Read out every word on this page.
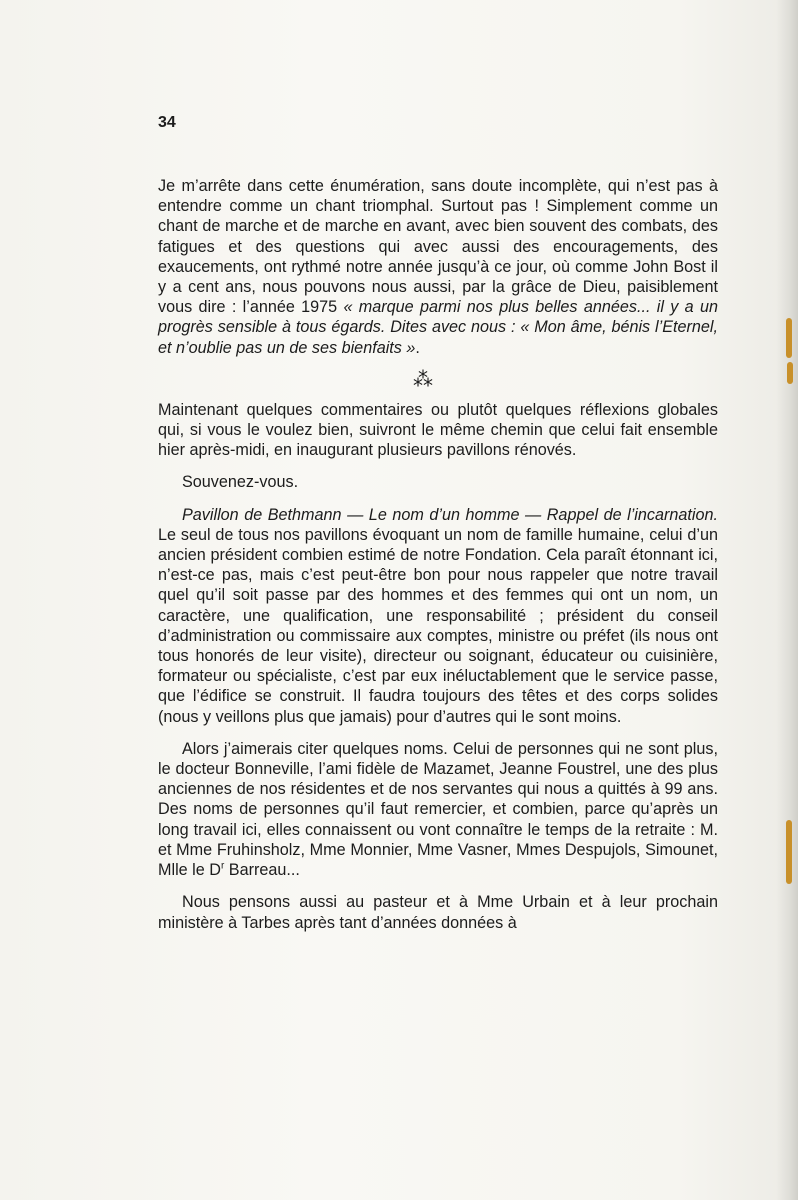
34

Je m’arrête dans cette énumération, sans doute incomplète, qui n’est pas à entendre comme un chant triomphal. Surtout pas ! Simplement comme un chant de marche et de marche en avant, avec bien souvent des combats, des fatigues et des questions qui avec aussi des encouragements, des exaucements, ont rythmé notre année jusqu’à ce jour, où comme John Bost il y a cent ans, nous pouvons nous aussi, par la grâce de Dieu, paisiblement vous dire : l’année 1975 « marque parmi nos plus belles années... il y a un progrès sensible à tous égards. Dites avec nous : « Mon âme, bénis l’Eternel, et n’oublie pas un de ses bienfaits ».

⁂

Maintenant quelques commentaires ou plutôt quelques réflexions globales qui, si vous le voulez bien, suivront le même chemin que celui fait ensemble hier après-midi, en inaugurant plusieurs pavillons rénovés.

Souvenez-vous.

Pavillon de Bethmann — Le nom d’un homme — Rappel de l’incarnation. Le seul de tous nos pavillons évoquant un nom de famille humaine, celui d’un ancien président combien estimé de notre Fondation. Cela paraît étonnant ici, n’est-ce pas, mais c’est peut-être bon pour nous rappeler que notre travail quel qu’il soit passe par des hommes et des femmes qui ont un nom, un caractère, une qualification, une responsabilité ; président du conseil d’administration ou commissaire aux comptes, ministre ou préfet (ils nous ont tous honorés de leur visite), directeur ou soignant, éducateur ou cuisinière, formateur ou spécialiste, c’est par eux inéluctablement que le service passe, que l’édifice se construit. Il faudra toujours des têtes et des corps solides (nous y veillons plus que jamais) pour d’autres qui le sont moins.

Alors j’aimerais citer quelques noms. Celui de personnes qui ne sont plus, le docteur Bonneville, l’ami fidèle de Mazamet, Jeanne Foustrel, une des plus anciennes de nos résidentes et de nos servantes qui nous a quittés à 99 ans. Des noms de personnes qu’il faut remercier, et combien, parce qu’après un long travail ici, elles connaissent ou vont connaître le temps de la retraite : M. et Mme Fruhinsholz, Mme Monnier, Mme Vasner, Mmes Despujols, Simounet, Mlle le $D^r$ Barreau...

Nous pensons aussi au pasteur et à Mme Urbain et à leur prochain ministère à Tarbes après tant d’années données à
